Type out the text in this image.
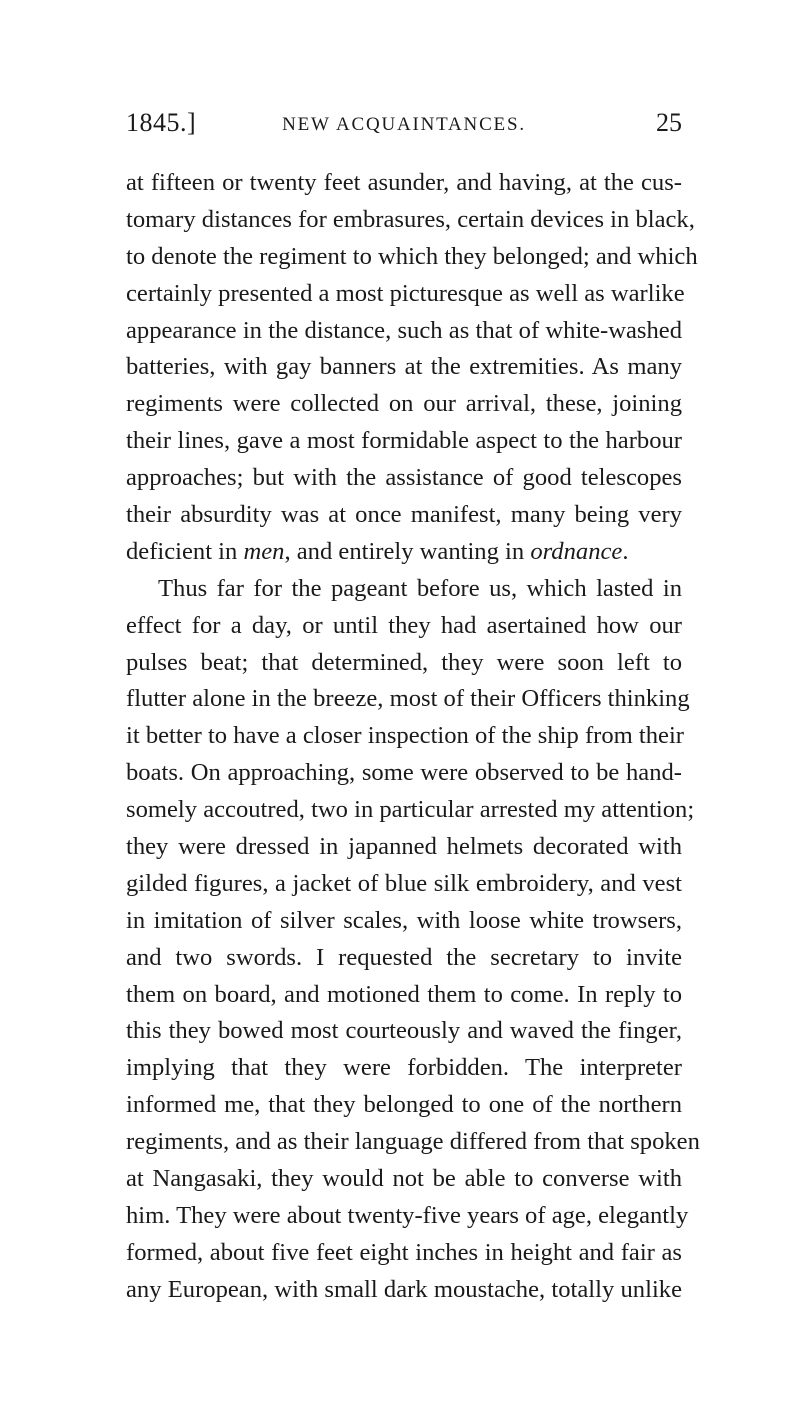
1845.]	NEW ACQUAINTANCES.	25
at fifteen or twenty feet asunder, and having, at the cus-
tomary distances for embrasures, certain devices in black,
to denote the regiment to which they belonged; and which
certainly presented a most picturesque as well as warlike
appearance in the distance, such as that of white-washed
batteries, with gay banners at the extremities. As many
regiments were collected on our arrival, these, joining
their lines, gave a most formidable aspect to the harbour
approaches; but with the assistance of good telescopes
their absurdity was at once manifest, many being very
deficient in men, and entirely wanting in ordnance.
Thus far for the pageant before us, which lasted in
effect for a day, or until they had asertained how our
pulses beat; that determined, they were soon left to
flutter alone in the breeze, most of their Officers thinking
it better to have a closer inspection of the ship from their
boats. On approaching, some were observed to be hand-
somely accoutred, two in particular arrested my attention;
they were dressed in japanned helmets decorated with
gilded figures, a jacket of blue silk embroidery, and vest
in imitation of silver scales, with loose white trowsers,
and two swords. I requested the secretary to invite
them on board, and motioned them to come. In reply to
this they bowed most courteously and waved the finger,
implying that they were forbidden. The interpreter
informed me, that they belonged to one of the northern
regiments, and as their language differed from that spoken
at Nangasaki, they would not be able to converse with
him. They were about twenty-five years of age, elegantly
formed, about five feet eight inches in height and fair as
any European, with small dark moustache, totally unlike
